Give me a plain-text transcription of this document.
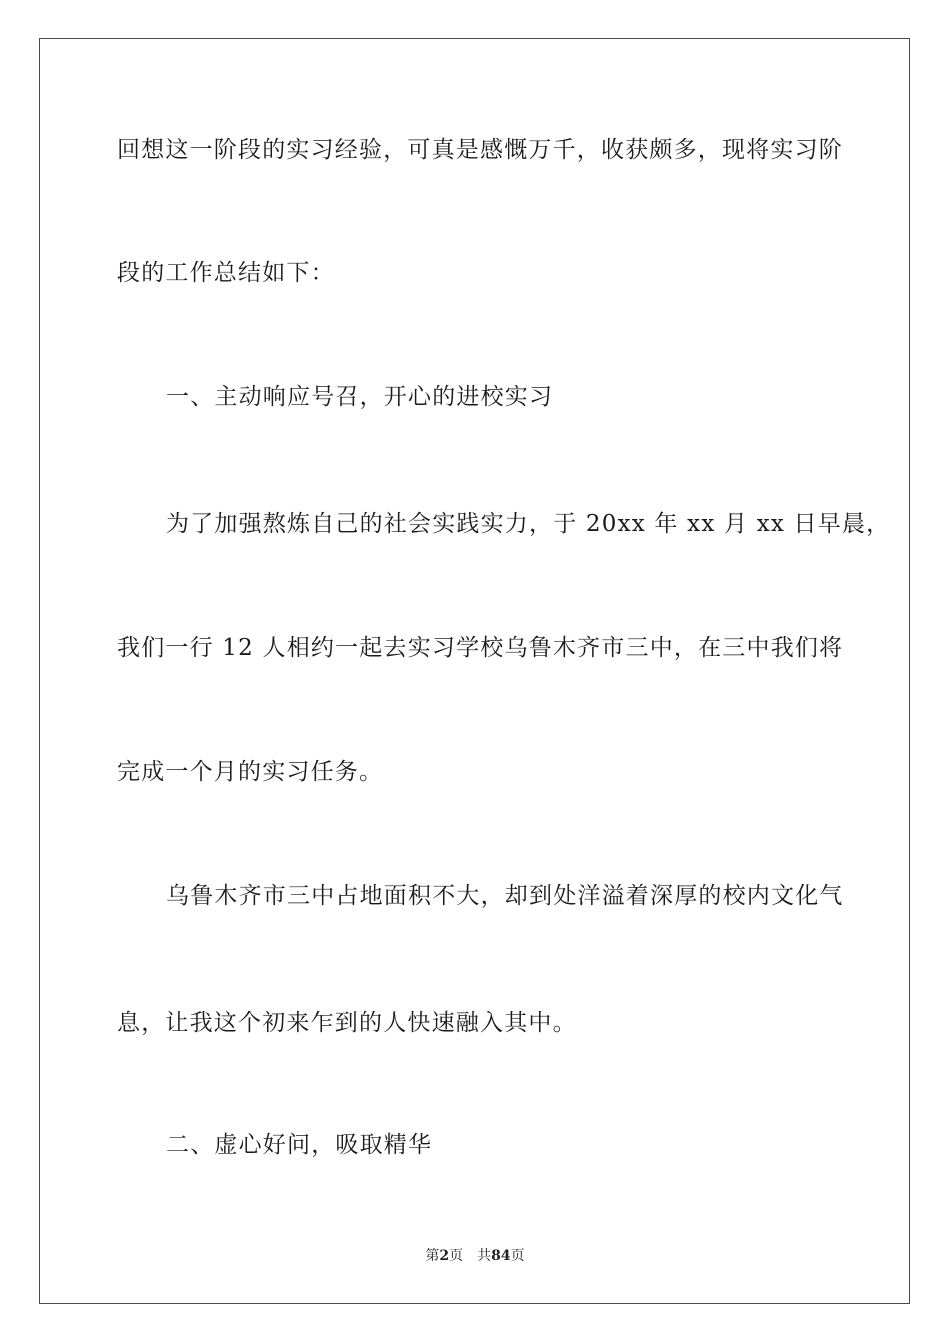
回想这一阶段的实习经验，可真是感慨万千，收获颇多，现将实习阶
段的工作总结如下：
一、主动响应号召，开心的进校实习
为了加强熬炼自己的社会实践实力，于 20xx 年 xx 月 xx 日早晨，
我们一行 12 人相约一起去实习学校乌鲁木齐市三中，在三中我们将
完成一个月的实习任务。
乌鲁木齐市三中占地面积不大，却到处洋溢着深厚的校内文化气
息，让我这个初来乍到的人快速融入其中。
二、虚心好问，吸取精华
第2页 共84页
